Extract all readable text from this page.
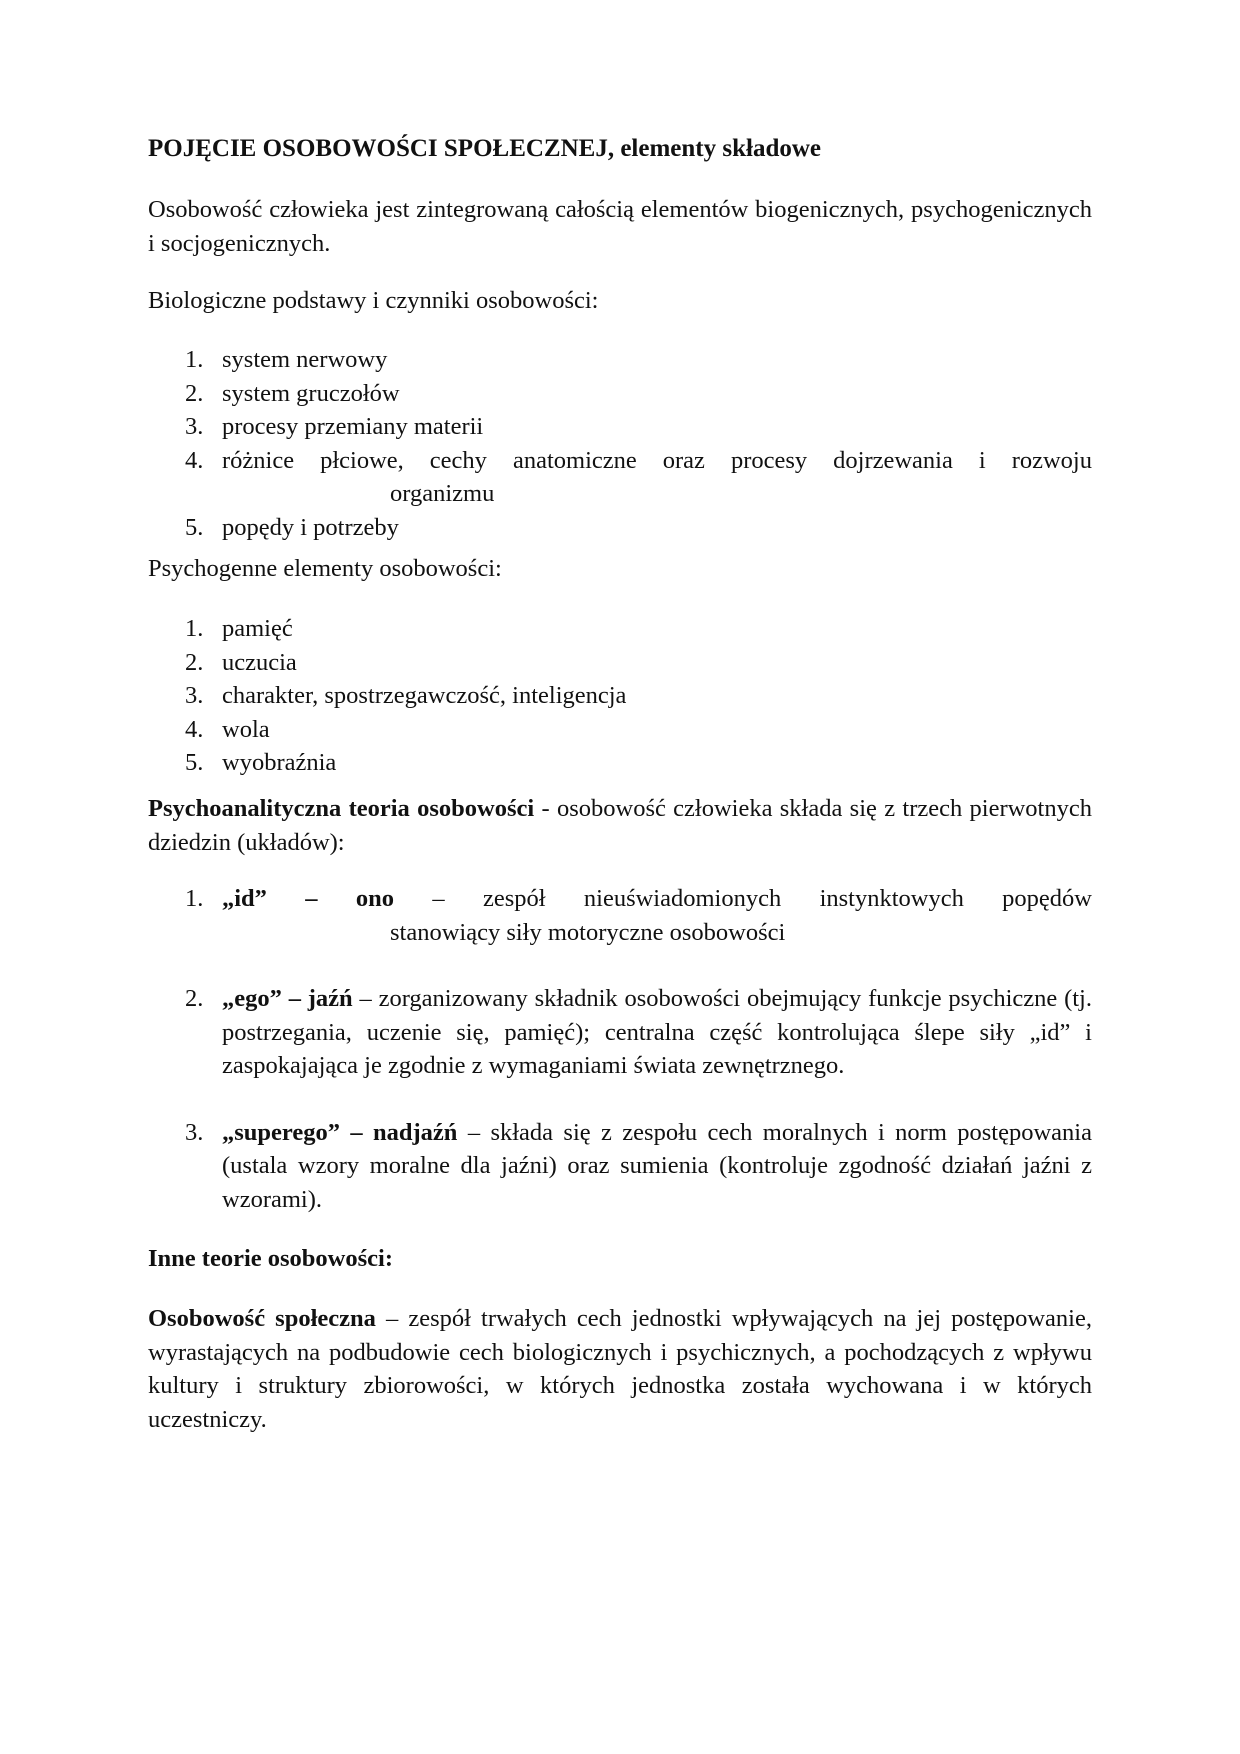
POJĘCIE OSOBOWOŚCI SPOŁECZNEJ, elementy składowe
Osobowość człowieka jest zintegrowaną całością elementów biogenicznych, psychogenicznych i socjogenicznych.
Biologiczne podstawy i czynniki osobowości:
1. system nerwowy
2. system gruczołów
3. procesy przemiany materii
4. różnice płciowe, cechy anatomiczne oraz procesy dojrzewania i rozwoju
organizmu
5. popędy i potrzeby
Psychogenne elementy osobowości:
1. pamięć
2. uczucia
3. charakter, spostrzegawczość, inteligencja
4. wola
5. wyobraźnia
Psychoanalityczna teoria osobowości - osobowość człowieka składa się z trzech pierwotnych dziedzin (układów):
1. „id” – ono – zespół nieuświadomionych instynktowych popędów
stanowiący siły motoryczne osobowości
2. „ego” – jaźń – zorganizowany składnik osobowości obejmujący funkcje psychiczne (tj. postrzegania, uczenie się, pamięć); centralna część kontrolująca ślepe siły „id” i zaspokajająca je zgodnie z wymaganiami świata zewnętrznego.
3. „superego” – nadjaźń – składa się z zespołu cech moralnych i norm postępowania (ustala wzory moralne dla jaźni) oraz sumienia (kontroluje zgodność działań jaźni z wzorami).
Inne teorie osobowości:
Osobowość społeczna – zespół trwałych cech jednostki wpływających na jej postępowanie, wyrastających na podbudowie cech biologicznych i psychicznych, a pochodzących z wpływu kultury i struktury zbiorowości, w których jednostka została wychowana i w których uczestniczy.
